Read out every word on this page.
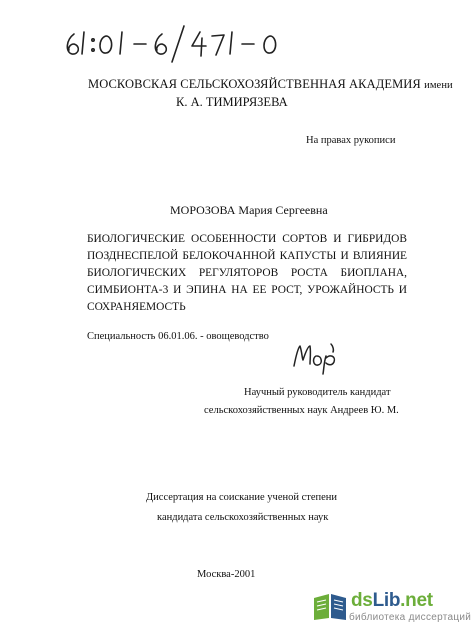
МОСКОВСКАЯ СЕЛЬСКОХОЗЯЙСТВЕННАЯ АКАДЕМИЯ имени
К. А. ТИМИРЯЗЕВА
На правах рукописи
МОРОЗОВА Мария Сергеевна
БИОЛОГИЧЕСКИЕ ОСОБЕННОСТИ СОРТОВ И ГИБРИДОВ
ПОЗДНЕСПЕЛОЙ БЕЛОКОЧАННОЙ КАПУСТЫ И ВЛИЯНИЕ
БИОЛОГИЧЕСКИХ РЕГУЛЯТОРОВ РОСТА БИОПЛАНА,
СИМБИОНТА-3 И ЭПИНА НА ЕЕ РОСТ, УРОЖАЙНОСТЬ И
СОХРАНЯЕМОСТЬ
Специальность 06.01.06. - овощеводство
Научный руководитель кандидат
сельскохозяйственных наук Андреев Ю. М.
Диссертация на соискание ученой степени
кандидата сельскохозяйственных наук
Москва-2001
dsLib.net
библиотека диссертаций
